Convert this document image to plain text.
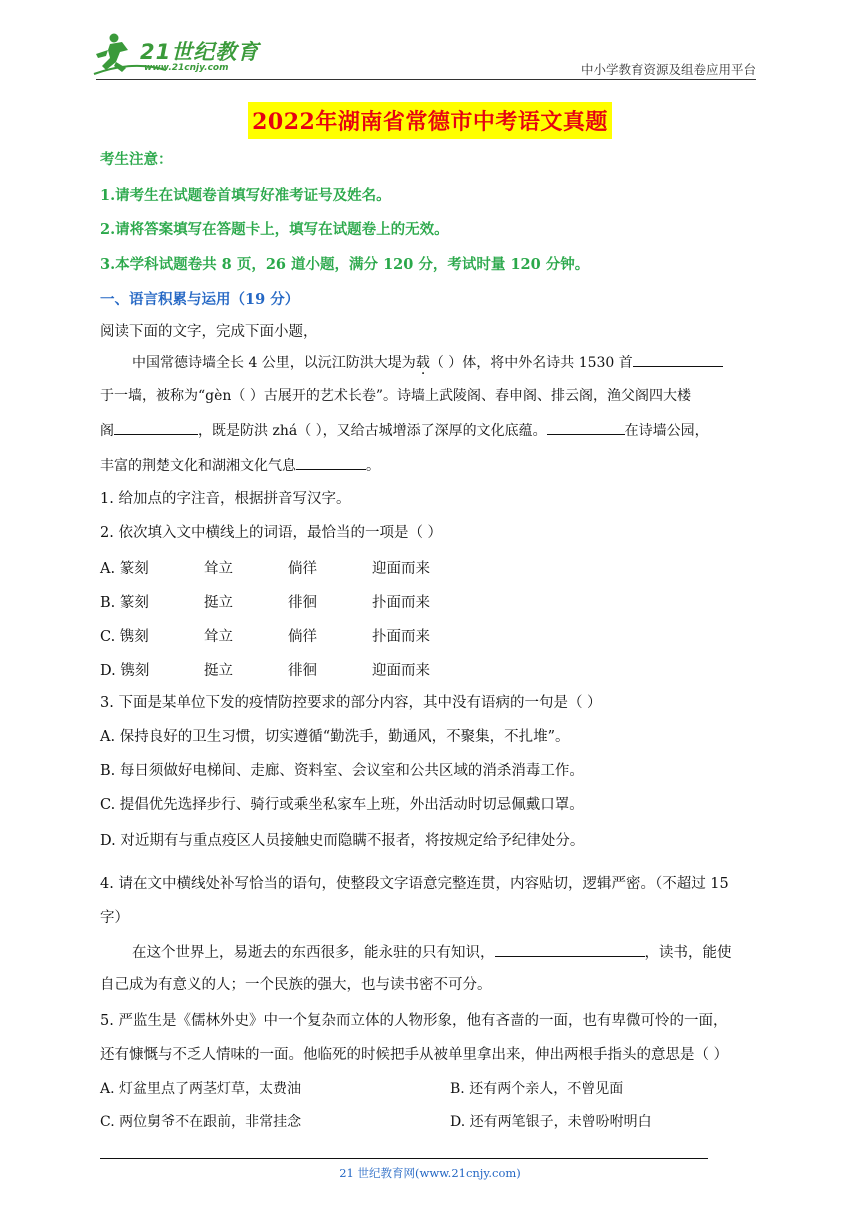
21世纪教育
www.21cnjy.com	中小学教育资源及组卷应用平台
2022年湖南省常德市中考语文真题
考生注意：
1.请考生在试题卷首填写好准考证号及姓名。
2.请将答案填写在答题卡上，填写在试题卷上的无效。
3.本学科试题卷共 8 页，26 道小题，满分 120 分，考试时量 120 分钟。
一、语言积累与运用（19 分）
阅读下面的文字，完成下面小题，
中国常德诗墙全长 4 公里，以沅江防洪大堤为载（ ）体，将中外名诗共 1530 首
于一墙，被称为“gèn（ ）古展开的艺术长卷”。诗墙上武陵阁、春申阁、排云阁，渔父阁四大楼
阁	，既是防洪 zhá（ ），又给古城增添了深厚的文化底蕴。	在诗墙公园，
丰富的荆楚文化和湖湘文化气息	。
1. 给加点的字注音，根据拼音写汉字。
2. 依次填入文中横线上的词语，最恰当的一项是（ ）
A. 篆刻	耸立	倘徉	迎面而来
B. 篆刻	挺立	徘徊	扑面而来
C. 镌刻	耸立	倘徉	扑面而来
D. 镌刻	挺立	徘徊	迎面而来
3. 下面是某单位下发的疫情防控要求的部分内容，其中没有语病的一句是（ ）
A. 保持良好的卫生习惯，切实遵循“勤洗手，勤通风，不聚集，不扎堆”。
B. 每日须做好电梯间、走廊、资料室、会议室和公共区域的消杀消毒工作。
C. 提倡优先选择步行、骑行或乘坐私家车上班，外出活动时切忌佩戴口罩。
D. 对近期有与重点疫区人员接触史而隐瞒不报者，将按规定给予纪律处分。
4. 请在文中横线处补写恰当的语句，使整段文字语意完整连贯，内容贴切，逻辑严密。（不超过 15
字）
在这个世界上，易逝去的东西很多，能永驻的只有知识，	，读书，能使
自己成为有意义的人；一个民族的强大，也与读书密不可分。
5. 严监生是《儒林外史》中一个复杂而立体的人物形象，他有吝啬的一面，也有卑微可怜的一面，
还有慷慨与不乏人情味的一面。他临死的时候把手从被单里拿出来，伸出两根手指头的意思是（ ）
A. 灯盆里点了两茎灯草，太费油	B. 还有两个亲人，不曾见面
C. 两位舅爷不在跟前，非常挂念	D. 还有两笔银子，未曾吩咐明白
21 世纪教育网(www.21cnjy.com)
